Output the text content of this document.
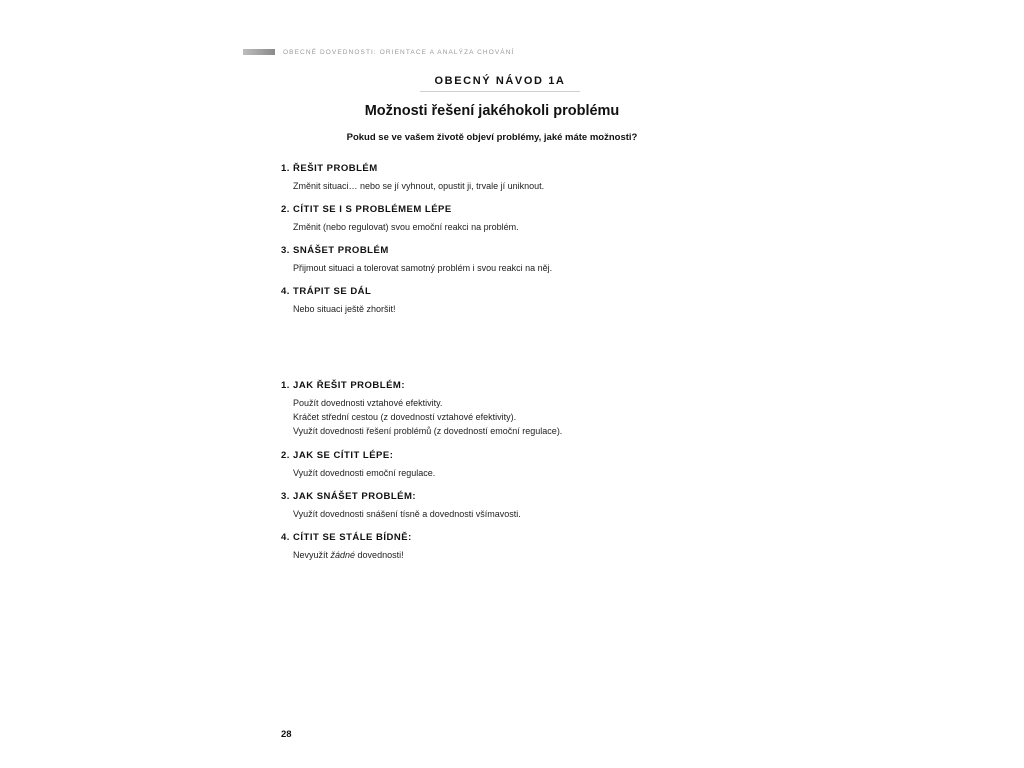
OBECNÉ DOVEDNOSTI: ORIENTACE A ANALÝZA CHOVÁNÍ
OBECNÝ NÁVOD 1A
Možnosti řešení jakéhokoli problému
Pokud se ve vašem životě objeví problémy, jaké máte možnosti?
1. ŘEŠIT PROBLÉM
Změnit situaci… nebo se jí vyhnout, opustit ji, trvale jí uniknout.
2. CÍTIT SE I S PROBLÉMEM LÉPE
Změnit (nebo regulovat) svou emoční reakci na problém.
3. SNÁŠET PROBLÉM
Přijmout situaci a tolerovat samotný problém i svou reakci na něj.
4. TRÁPIT SE DÁL
Nebo situaci ještě zhoršit!
1. JAK ŘEŠIT PROBLÉM:
Použít dovednosti vztahové efektivity.
Kráčet střední cestou (z dovedností vztahové efektivity).
Využít dovednosti řešení problémů (z dovedností emoční regulace).
2. JAK SE CÍTIT LÉPE:
Využít dovednosti emoční regulace.
3. JAK SNÁŠET PROBLÉM:
Využít dovednosti snášení tísně a dovednosti všímavosti.
4. CÍTIT SE STÁLE BÍDNĚ:
Nevyužít žádné dovednosti!
28
